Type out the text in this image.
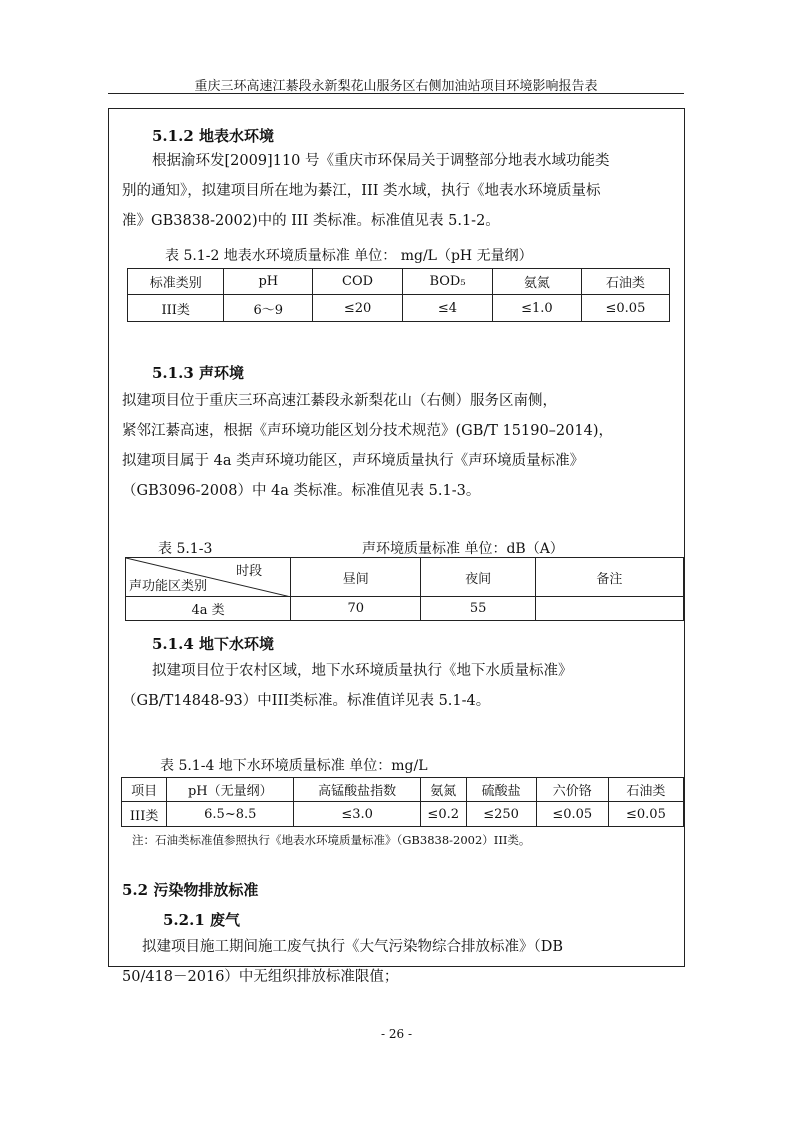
重庆三环高速江綦段永新梨花山服务区右侧加油站项目环境影响报告表
5.1.2 地表水环境
根据渝环发[2009]110 号《重庆市环保局关于调整部分地表水域功能类
别的通知》，拟建项目所在地为綦江，III 类水域，执行《地表水环境质量标
准》GB3838-2002)中的 III 类标准。标准值见表 5.1-2。
表 5.1-2 地表水环境质量标准 单位： mg/L（pH 无量纲）
标准类别	pH	COD	BOD₅	氨氮	石油类
III类	6～9	≤20	≤4	≤1.0	≤0.05
5.1.3 声环境
拟建项目位于重庆三环高速江綦段永新梨花山（右侧）服务区南侧，
紧邻江綦高速，根据《声环境功能区划分技术规范》(GB/T 15190–2014)，
拟建项目属于 4a 类声环境功能区，声环境质量执行《声环境质量标准》
（GB3096-2008）中 4a 类标准。标准值见表 5.1-3。
表 5.1-3	声环境质量标准 单位：dB（A）
时段
声功能区类别	昼间	夜间	备注
4a 类	70	55	
5.1.4 地下水环境
拟建项目位于农村区域，地下水环境质量执行《地下水质量标准》
（GB/T14848-93）中III类标准。标准值详见表 5.1-4。
表 5.1-4 地下水环境质量标准 单位：mg/L
项目	pH（无量纲）	高锰酸盐指数	氨氮	硫酸盐	六价铬	石油类
III类	6.5~8.5	≤3.0	≤0.2	≤250	≤0.05	≤0.05
注：石油类标准值参照执行《地表水环境质量标准》（GB3838-2002）III类。
5.2 污染物排放标准
5.2.1 废气
拟建项目施工期间施工废气执行《大气污染物综合排放标准》（DB
50/418－2016）中无组织排放标准限值；
- 26 -
